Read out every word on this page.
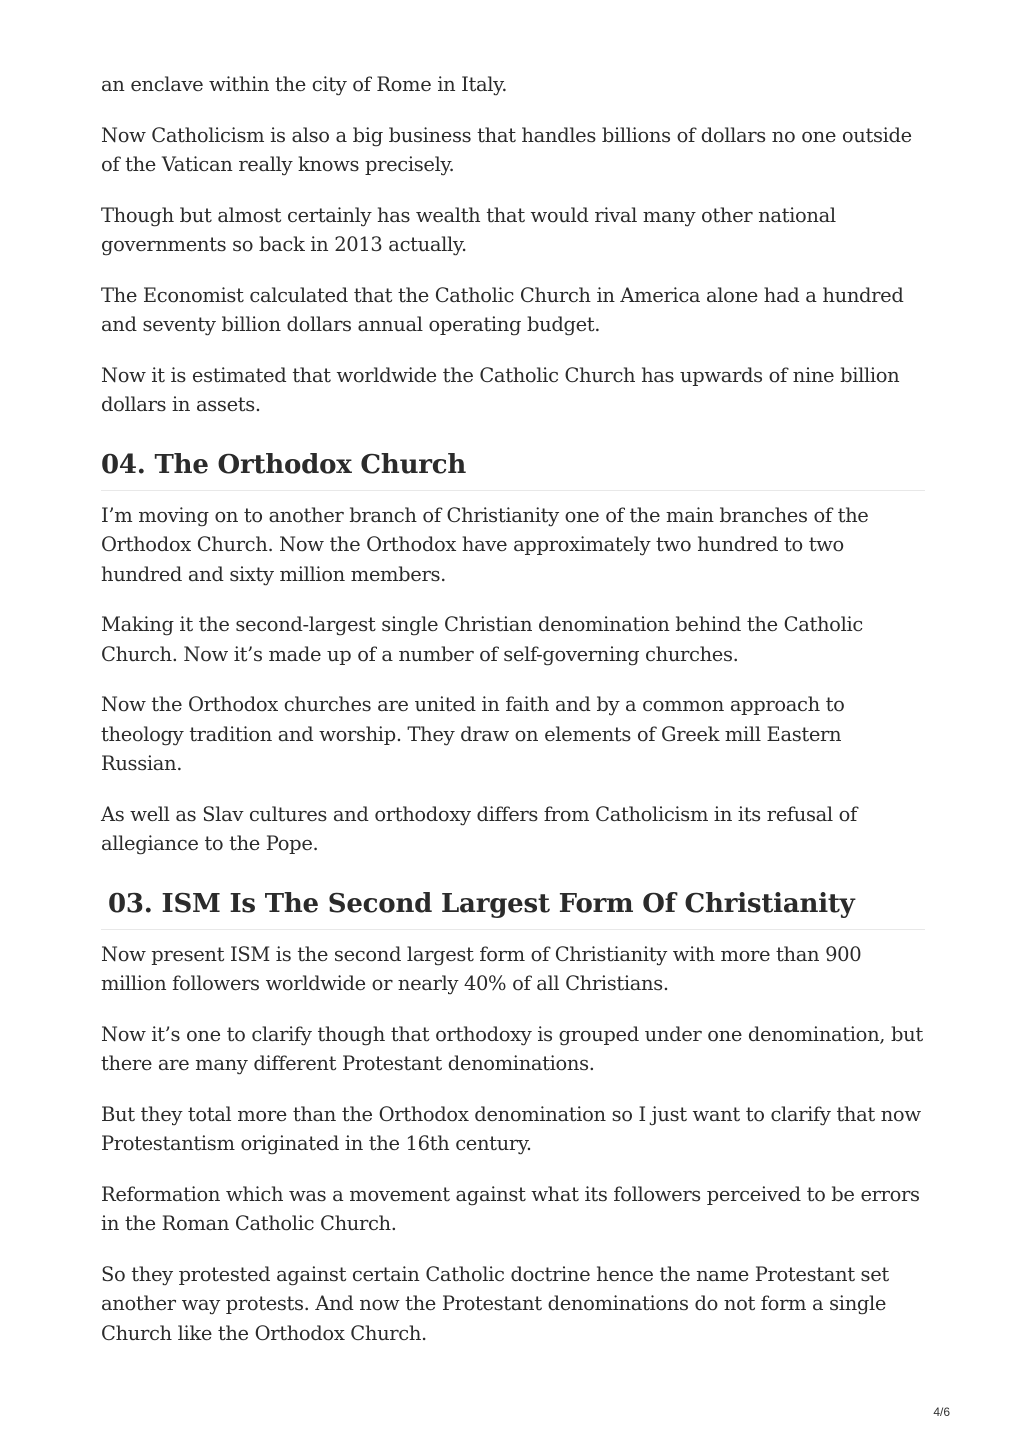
an enclave within the city of Rome in Italy.

Now Catholicism is also a big business that handles billions of dollars no one outside of the Vatican really knows precisely.

Though but almost certainly has wealth that would rival many other national governments so back in 2013 actually.

The Economist calculated that the Catholic Church in America alone had a hundred and seventy billion dollars annual operating budget.

Now it is estimated that worldwide the Catholic Church has upwards of nine billion dollars in assets.

04. The Orthodox Church

I’m moving on to another branch of Christianity one of the main branches of the Orthodox Church. Now the Orthodox have approximately two hundred to two hundred and sixty million members.

Making it the second-largest single Christian denomination behind the Catholic Church. Now it’s made up of a number of self-governing churches.

Now the Orthodox churches are united in faith and by a common approach to theology tradition and worship. They draw on elements of Greek mill Eastern Russian.

As well as Slav cultures and orthodoxy differs from Catholicism in its refusal of allegiance to the Pope.

03. ISM Is The Second Largest Form Of Christianity

Now present ISM is the second largest form of Christianity with more than 900 million followers worldwide or nearly 40% of all Christians.

Now it’s one to clarify though that orthodoxy is grouped under one denomination, but there are many different Protestant denominations.

But they total more than the Orthodox denomination so I just want to clarify that now Protestantism originated in the 16th century.

Reformation which was a movement against what its followers perceived to be errors in the Roman Catholic Church.

So they protested against certain Catholic doctrine hence the name Protestant set another way protests. And now the Protestant denominations do not form a single Church like the Orthodox Church.

4/6
